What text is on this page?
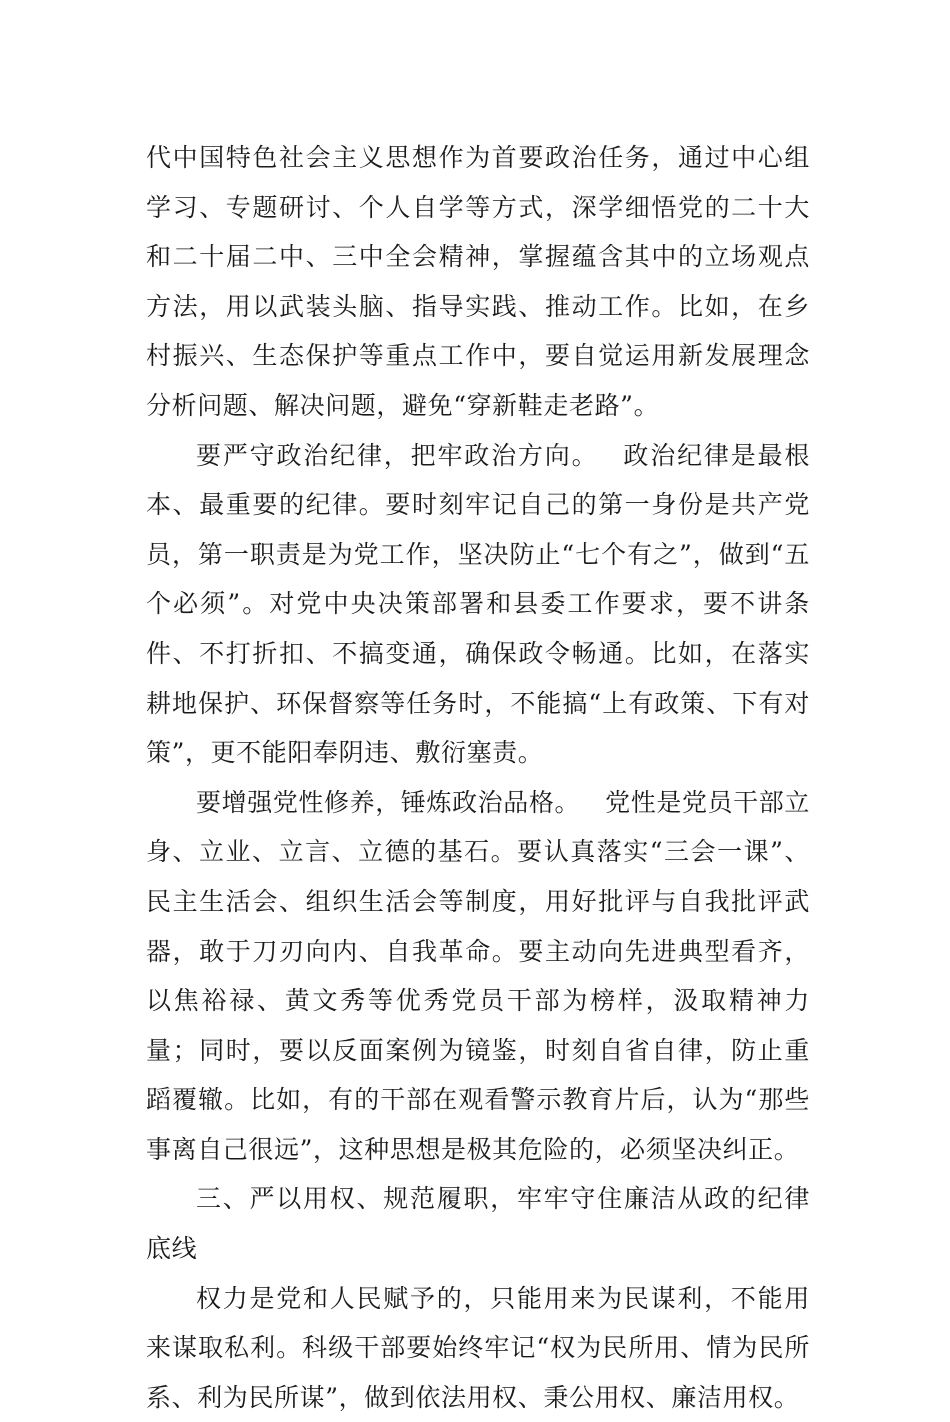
代中国特色社会主义思想作为首要政治任务，通过中心组学习、专题研讨、个人自学等方式，深学细悟党的二十大和二十届二中、三中全会精神，掌握蕴含其中的立场观点方法，用以武装头脑、指导实践、推动工作。比如，在乡村振兴、生态保护等重点工作中，要自觉运用新发展理念分析问题、解决问题，避免“穿新鞋走老路”。

要严守政治纪律，把牢政治方向。 政治纪律是最根本、最重要的纪律。要时刻牢记自己的第一身份是共产党员，第一职责是为党工作，坚决防止“七个有之”，做到“五个必须”。对党中央决策部署和县委工作要求，要不讲条件、不打折扣、不搞变通，确保政令畅通。比如，在落实耕地保护、环保督察等任务时，不能搞“上有政策、下有对策”，更不能阳奉阴违、敷衍塞责。

要增强党性修养，锤炼政治品格。 党性是党员干部立身、立业、立言、立德的基石。要认真落实“三会一课”、民主生活会、组织生活会等制度，用好批评与自我批评武器，敢于刀刃向内、自我革命。要主动向先进典型看齐，以焦裕禄、黄文秀等优秀党员干部为榜样，汲取精神力量；同时，要以反面案例为镜鉴，时刻自省自律，防止重蹈覆辙。比如，有的干部在观看警示教育片后，认为“那些事离自己很远”，这种思想是极其危险的，必须坚决纠正。

三、严以用权、规范履职，牢牢守住廉洁从政的纪律底线

权力是党和人民赋予的，只能用来为民谋利，不能用来谋取私利。科级干部要始终牢记“权为民所用、情为民所系、利为民所谋”，做到依法用权、秉公用权、廉洁用权。
